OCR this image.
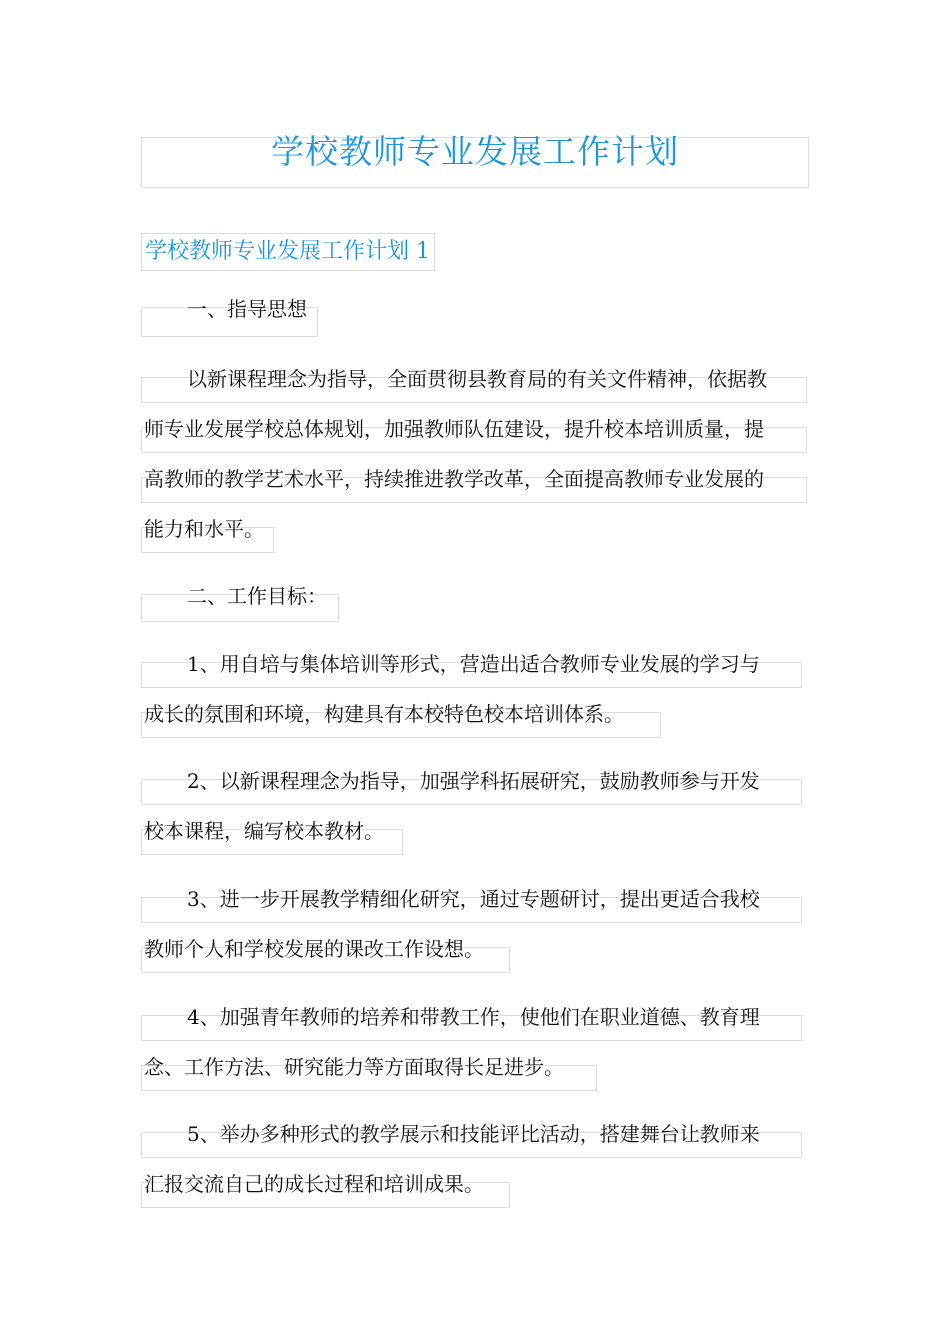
学校教师专业发展工作计划
学校教师专业发展工作计划 1
一、指导思想
以新课程理念为指导，全面贯彻县教育局的有关文件精神，依据教
师专业发展学校总体规划，加强教师队伍建设，提升校本培训质量，提
高教师的教学艺术水平，持续推进教学改革，全面提高教师专业发展的
能力和水平。
二、工作目标：
1、用自培与集体培训等形式，营造出适合教师专业发展的学习与
成长的氛围和环境，构建具有本校特色校本培训体系。
2、以新课程理念为指导，加强学科拓展研究，鼓励教师参与开发
校本课程，编写校本教材。
3、进一步开展教学精细化研究，通过专题研讨，提出更适合我校
教师个人和学校发展的课改工作设想。
4、加强青年教师的培养和带教工作，使他们在职业道德、教育理
念、工作方法、研究能力等方面取得长足进步。
5、举办多种形式的教学展示和技能评比活动，搭建舞台让教师来
汇报交流自己的成长过程和培训成果。
